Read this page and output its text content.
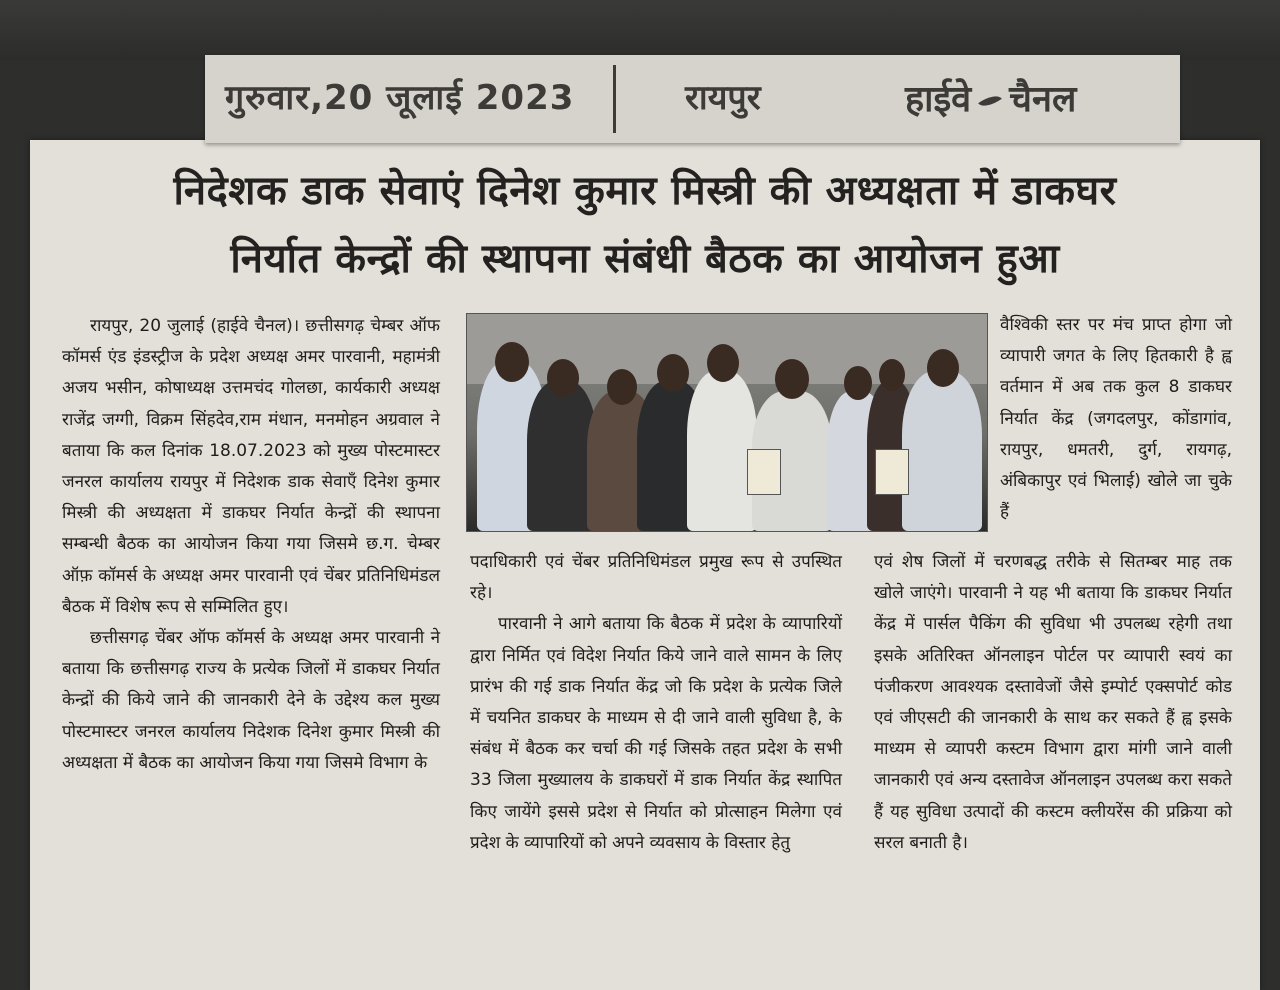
गुरुवार,20 जूलाई 2023	रायपुर	हाईवे चैनल
निदेशक डाक सेवाएं दिनेश कुमार मिस्त्री की अध्यक्षता में डाकघर
निर्यात केन्द्रों की स्थापना संबंधी बैठक का आयोजन हुआ

रायपुर, 20 जुलाई (हाईवे चैनल)। छत्तीसगढ़ चेम्बर ऑफ कॉमर्स एंड इंडस्ट्रीज के प्रदेश अध्यक्ष अमर पारवानी, महामंत्री अजय भसीन, कोषाध्यक्ष उत्तमचंद गोलछा, कार्यकारी अध्यक्ष राजेंद्र जग्गी, विक्रम सिंहदेव,राम मंधान, मनमोहन अग्रवाल ने बताया कि कल दिनांक 18.07.2023 को मुख्य पोस्टमास्टर जनरल कार्यालय रायपुर में निदेशक डाक सेवाएँ दिनेश कुमार मिस्त्री की अध्यक्षता में डाकघर निर्यात केन्द्रों की स्थापना सम्बन्धी बैठक का आयोजन किया गया जिसमे छ.ग. चेम्बर ऑफ़ कॉमर्स के अध्यक्ष अमर पारवानी एवं चेंबर प्रतिनिधिमंडल बैठक में विशेष रूप से सम्मिलित हुए।

छत्तीसगढ़ चेंबर ऑफ कॉमर्स के अध्यक्ष अमर पारवानी ने बताया कि छत्तीसगढ़ राज्य के प्रत्येक जिलों में डाकघर निर्यात केन्द्रों की किये जाने की जानकारी देने के उद्देश्य कल मुख्य पोस्टमास्टर जनरल कार्यालय निदेशक दिनेश कुमार मिस्त्री की अध्यक्षता में बैठक का आयोजन किया गया जिसमे विभाग के

पदाधिकारी एवं चेंबर प्रतिनिधिमंडल प्रमुख रूप से उपस्थित रहे।

पारवानी ने आगे बताया कि बैठक में प्रदेश के व्यापारियों द्वारा निर्मित एवं विदेश निर्यात किये जाने वाले सामन के लिए प्रारंभ की गई डाक निर्यात केंद्र जो कि प्रदेश के प्रत्येक जिले में चयनित डाकघर के माध्यम से दी जाने वाली सुविधा है, के संबंध में बैठक कर चर्चा की गई जिसके तहत प्रदेश के सभी 33 जिला मुख्यालय के डाकघरों में डाक निर्यात केंद्र स्थापित किए जायेंगे इससे प्रदेश से निर्यात को प्रोत्साहन मिलेगा एवं प्रदेश के व्यापारियों को अपने व्यवसाय के विस्तार हेतु

वैश्विकी स्तर पर मंच प्राप्त होगा जो व्यापारी जगत के लिए हितकारी है ह्व वर्तमान में अब तक कुल 8 डाकघर निर्यात केंद्र (जगदलपुर, कोंडागांव, रायपुर, धमतरी, दुर्ग, रायगढ़, अंबिकापुर एवं भिलाई) खोले जा चुके हैं

एवं शेष जिलों में चरणबद्ध तरीके से सितम्बर माह तक खोले जाएंगे। पारवानी ने यह भी बताया कि डाकघर निर्यात केंद्र में पार्सल पैकिंग की सुविधा भी उपलब्ध रहेगी तथा इसके अतिरिक्त ऑनलाइन पोर्टल पर व्यापारी स्वयं का पंजीकरण आवश्यक दस्तावेजों जैसे इम्पोर्ट एक्सपोर्ट कोड एवं जीएसटी की जानकारी के साथ कर सकते हैं ह्व इसके माध्यम से व्यापरी कस्टम विभाग द्वारा मांगी जाने वाली जानकारी एवं अन्य दस्तावेज ऑनलाइन उपलब्ध करा सकते हैं यह सुविधा उत्पादों की कस्टम क्लीयरेंस की प्रक्रिया को सरल बनाती है।
